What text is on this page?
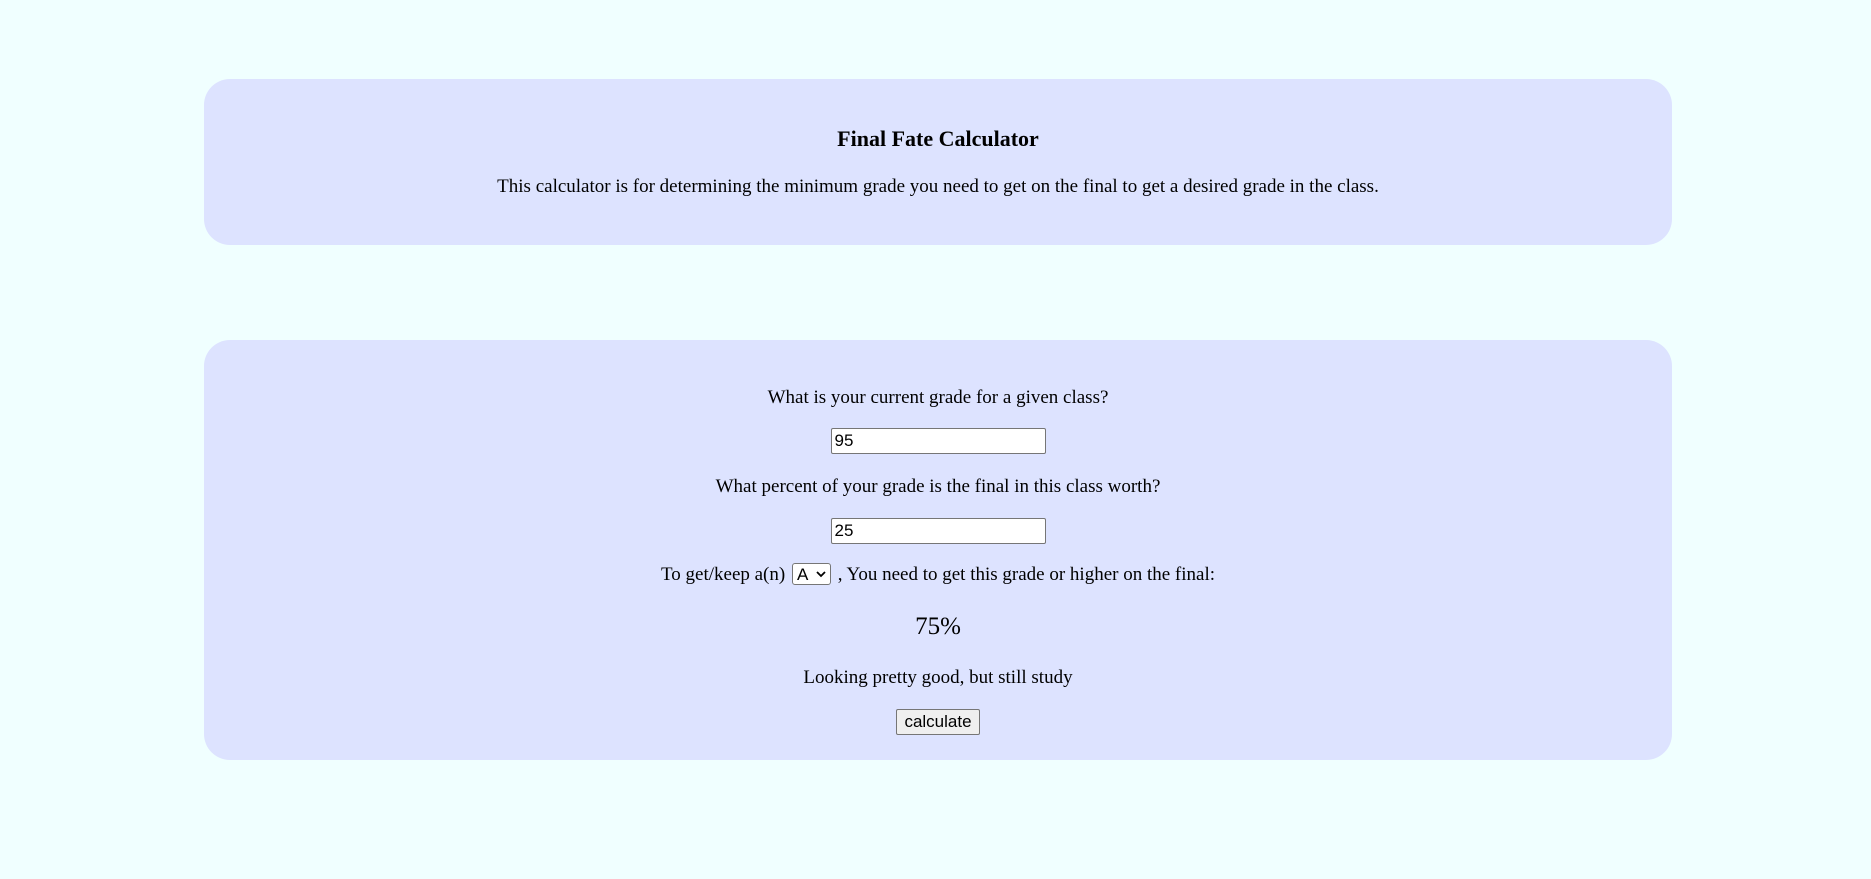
Final Fate Calculator

This calculator is for determining the minimum grade you need to get on the final to get a desired grade in the class.

What is your current grade for a given class?

95

What percent of your grade is the final in this class worth?

25

To get/keep a(n) A , You need to get this grade or higher on the final:

75%

Looking pretty good, but still study

calculate
